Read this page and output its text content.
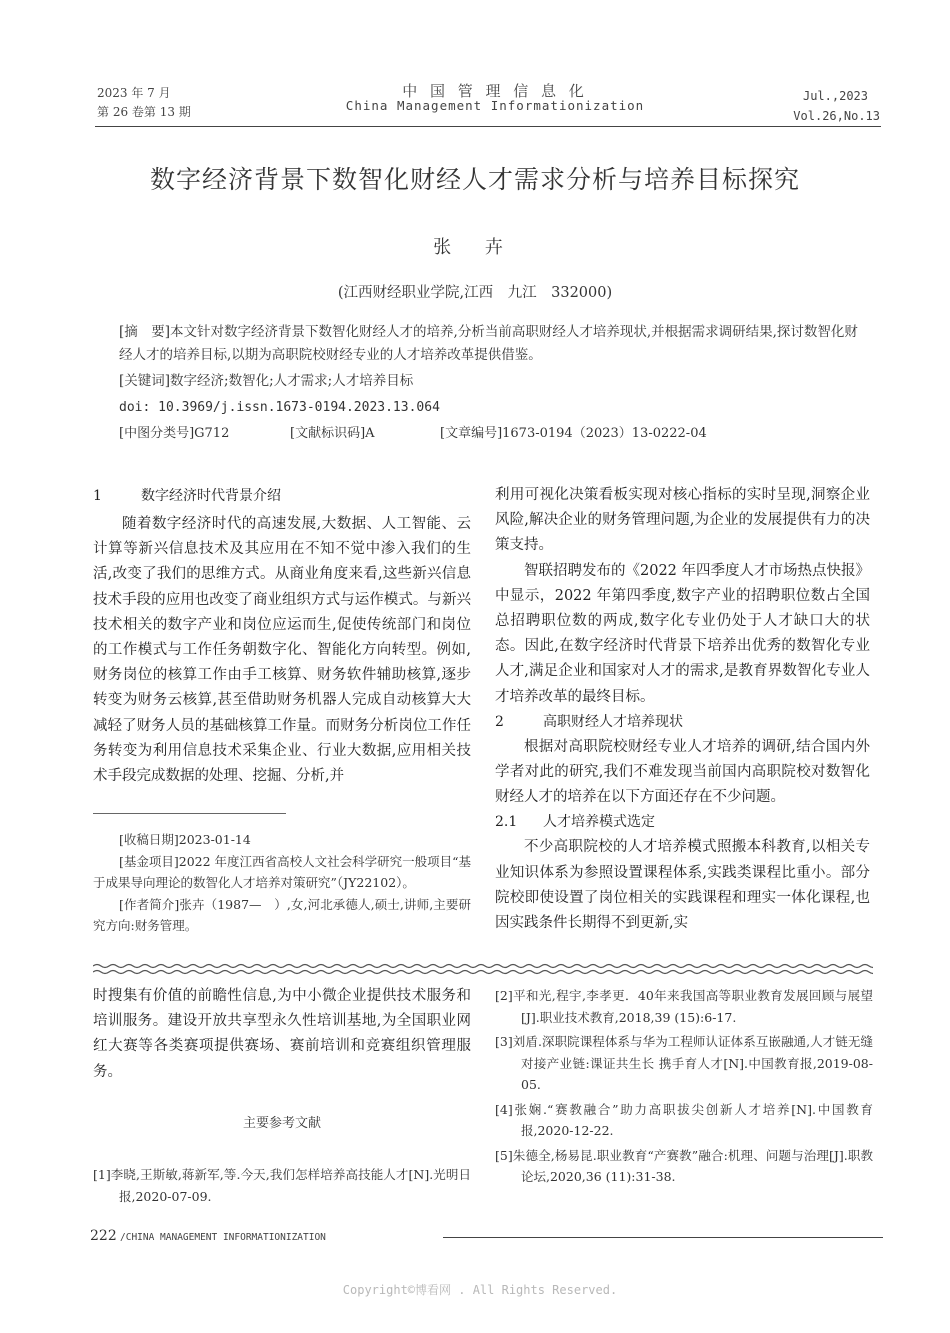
2023 年 7 月
第 26 卷第 13 期
中 国 管 理 信 息 化
China Management Informationization
Jul.,2023
Vol.26,No.13
数字经济背景下数智化财经人才需求分析与培养目标探究
张 卉
(江西财经职业学院,江西　九江　332000)
[摘　要]本文针对数字经济背景下数智化财经人才的培养,分析当前高职财经人才培养现状,并根据需求调研结果,探讨数智化财经人才的培养目标,以期为高职院校财经专业的人才培养改革提供借鉴。
[关键词]数字经济;数智化;人才需求;人才培养目标
doi: 10.3969/j.issn.1673-0194.2023.13.064
[中图分类号]G712	[文献标识码]A	[文章编号]1673-0194（2023）13-0222-04
1	数字经济时代背景介绍

随着数字经济时代的高速发展,大数据、人工智能、云计算等新兴信息技术及其应用在不知不觉中渗入我们的生活,改变了我们的思维方式。从商业角度来看,这些新兴信息技术手段的应用也改变了商业组织方式与运作模式。与新兴技术相关的数字产业和岗位应运而生,促使传统部门和岗位的工作模式与工作任务朝数字化、智能化方向转型。例如,财务岗位的核算工作由手工核算、财务软件辅助核算,逐步转变为财务云核算,甚至借助财务机器人完成自动核算大大减轻了财务人员的基础核算工作量。而财务分析岗位工作任务转变为利用信息技术采集企业、行业大数据,应用相关技术手段完成数据的处理、挖掘、分析,并

[收稿日期]2023-01-14
[基金项目]2022 年度江西省高校人文社会科学研究一般项目“基于成果导向理论的数智化人才培养对策研究”（JY22102）。
[作者简介]张卉（1987—　）,女,河北承德人,硕士,讲师,主要研究方向:财务管理。

利用可视化决策看板实现对核心指标的实时呈现,洞察企业风险,解决企业的财务管理问题,为企业的发展提供有力的决策支持。

智联招聘发布的《2022 年四季度人才市场热点快报》中显示，2022 年第四季度,数字产业的招聘职位数占全国总招聘职位数的两成,数字化专业仍处于人才缺口大的状态。因此,在数字经济时代背景下培养出优秀的数智化专业人才,满足企业和国家对人才的需求,是教育界数智化专业人才培养改革的最终目标。

2	高职财经人才培养现状

根据对高职院校财经专业人才培养的调研,结合国内外学者对此的研究,我们不难发现当前国内高职院校对数智化财经人才的培养在以下方面还存在不少问题。

2.1 人才培养模式选定

不少高职院校的人才培养模式照搬本科教育,以相关专业知识体系为参照设置课程体系,实践类课程比重小。部分院校即使设置了岗位相关的实践课程和理实一体化课程,也因实践条件长期得不到更新,实

时搜集有价值的前瞻性信息,为中小微企业提供技术服务和培训服务。建设开放共享型永久性培训基地,为全国职业网红大赛等各类赛项提供赛场、赛前培训和竞赛组织管理服务。

主要参考文献
[1]李晓,王斯敏,蒋新军,等.今天,我们怎样培养高技能人才[N].光明日报,2020-07-09.
[2]平和光,程宇,李孝更．40年来我国高等职业教育发展回顾与展望[J].职业技术教育,2018,39 (15):6-17.
[3]刘盾.深职院课程体系与华为工程师认证体系互嵌融通,人才链无缝对接产业链:课证共生长 携手育人才[N].中国教育报,2019-08-05.
[4]张娴.“赛教融合”助力高职拔尖创新人才培养[N].中国教育报,2020-12-22.
[5]朱德全,杨易昆.职业教育“产赛教”融合:机理、问题与治理[J].职教论坛,2020,36 (11):31-38.
222 /CHINA MANAGEMENT INFORMATIONIZATION
Copyright©博看网 . All Rights Reserved.
